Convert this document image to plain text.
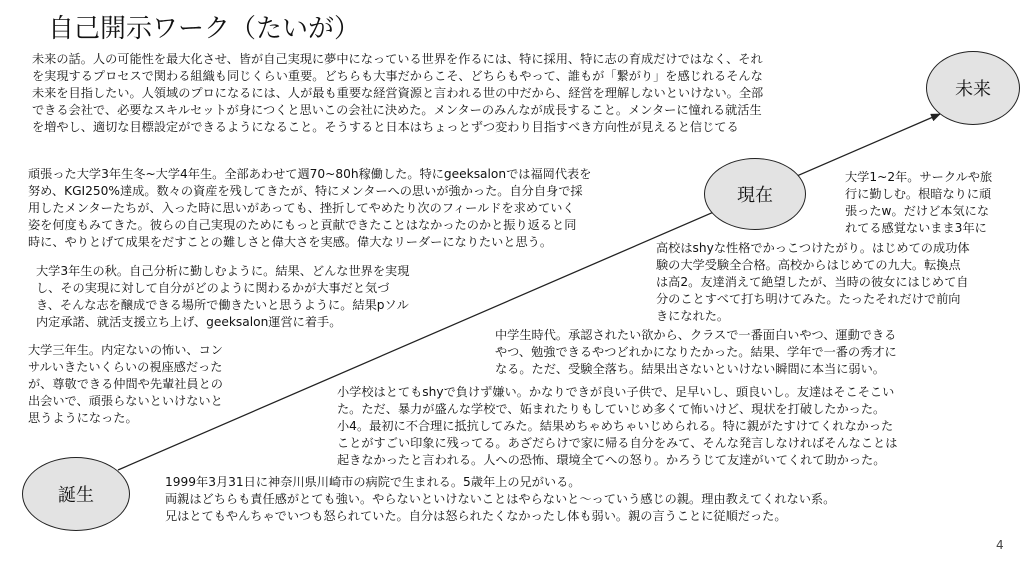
自己開示ワーク（たいが）
未来
現在
誕生
未来の話。人の可能性を最大化させ、皆が自己実現に夢中になっている世界を作るには、特に採用、特に志の育成だけではなく、それ
を実現するプロセスで関わる組織も同じくらい重要。どちらも大事だからこそ、どちらもやって、誰もが「繋がり」を感じれるそんな
未来を目指したい。人領域のプロになるには、人が最も重要な経営資源と言われる世の中だから、経営を理解しないといけない。全部
できる会社で、必要なスキルセットが身につくと思いこの会社に決めた。メンターのみんなが成長すること。メンターに憧れる就活生
を増やし、適切な目標設定ができるようになること。そうすると日本はちょっとずつ変わり目指すべき方向性が見えると信じてる
頑張った大学3年生冬~大学4年生。全部あわせて週70~80h稼働した。特にgeeksalonでは福岡代表を
努め、KGI250%達成。数々の資産を残してきたが、特にメンターへの思いが強かった。自分自身で採
用したメンターたちが、入った時に思いがあっても、挫折してやめたり次のフィールドを求めていく
姿を何度もみてきた。彼らの自己実現のためにもっと貢献できたことはなかったのかと振り返ると同
時に、やりとげて成果をだすことの難しさと偉大さを実感。偉大なリーダーになりたいと思う。
大学1~2年。サークルや旅
行に勤しむ。根暗なりに頑
張ったw。だけど本気にな
れてる感覚ないまま3年に
大学3年生の秋。自己分析に勤しむように。結果、どんな世界を実現
し、その実現に対して自分がどのように関わるかが大事だと気づ
き、そんな志を醸成できる場所で働きたいと思うように。結果pソル
内定承諾、就活支援立ち上げ、geeksalon運営に着手。
高校はshyな性格でかっこつけたがり。はじめての成功体
験の大学受験全合格。高校からはじめての九大。転換点
は高2。友達消えて絶望したが、当時の彼女にはじめて自
分のことすべて打ち明けてみた。たったそれだけで前向
きになれた。
中学生時代。承認されたい欲から、クラスで一番面白いやつ、運動できる
やつ、勉強できるやつどれかになりたかった。結果、学年で一番の秀才に
なる。ただ、受験全落ち。結果出さないといけない瞬間に本当に弱い。
大学三年生。内定ないの怖い、コン
サルいきたいくらいの視座感だった
が、尊敬できる仲間や先輩社員との
出会いで、頑張らないといけないと
思うようになった。
小学校はとてもshyで負けず嫌い。かなりできが良い子供で、足早いし、頭良いし。友達はそこそこい
た。ただ、暴力が盛んな学校で、妬まれたりもしていじめ多くて怖いけど、現状を打破したかった。
小4。最初に不合理に抵抗してみた。結果めちゃめちゃいじめられる。特に親がたすけてくれなかった
ことがすごい印象に残ってる。あざだらけで家に帰る自分をみて、そんな発言しなければそんなことは
起きなかったと言われる。人への恐怖、環境全てへの怒り。かろうじて友達がいてくれて助かった。
1999年3月31日に神奈川県川崎市の病院で生まれる。5歳年上の兄がいる。
両親はどちらも責任感がとても強い。やらないといけないことはやらないと〜っていう感じの親。理由教えてくれない系。
兄はとてもやんちゃでいつも怒られていた。自分は怒られたくなかったし体も弱い。親の言うことに従順だった。
4
